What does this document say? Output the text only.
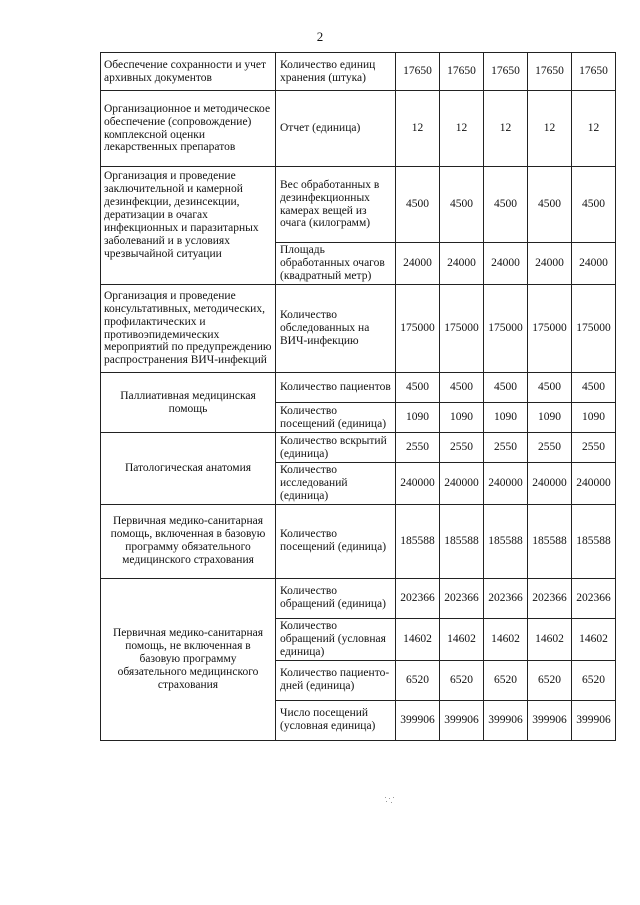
2
Обеспечение сохранности и учет архивных документов	Количество единиц хранения (штука)	17650	17650	17650	17650	17650
Организационное и методическое обеспечение (сопровождение) комплексной оценки лекарственных препаратов	Отчет (единица)	12	12	12	12	12
Организация и проведение заключительной и камерной дезинфекции, дезинсекции, дератизации в очагах инфекционных и паразитарных заболеваний и в условиях чрезвычайной ситуации	Вес обработанных в дезинфекционных камерах вещей из очага (килограмм)	4500	4500	4500	4500	4500
	Площадь обработанных очагов (квадратный метр)	24000	24000	24000	24000	24000
Организация и проведение консультативных, методических, профилактических и противоэпидемических мероприятий по предупреждению распространения ВИЧ-инфекций	Количество обследованных на ВИЧ-инфекцию	175000	175000	175000	175000	175000
Паллиативная медицинская помощь	Количество пациентов	4500	4500	4500	4500	4500
	Количество посещений (единица)	1090	1090	1090	1090	1090
Патологическая анатомия	Количество вскрытий (единица)	2550	2550	2550	2550	2550
	Количество исследований (единица)	240000	240000	240000	240000	240000
Первичная медико-санитарная помощь, включенная в базовую программу обязательного медицинского страхования	Количество посещений (единица)	185588	185588	185588	185588	185588
Первичная медико-санитарная помощь, не включенная в базовую программу обязательного медицинского страхования	Количество обращений (единица)	202366	202366	202366	202366	202366
	Количество обращений (условная единица)	14602	14602	14602	14602	14602
	Количество пациенто-дней (единица)	6520	6520	6520	6520	6520
	Число посещений (условная единица)	399906	399906	399906	399906	399906
